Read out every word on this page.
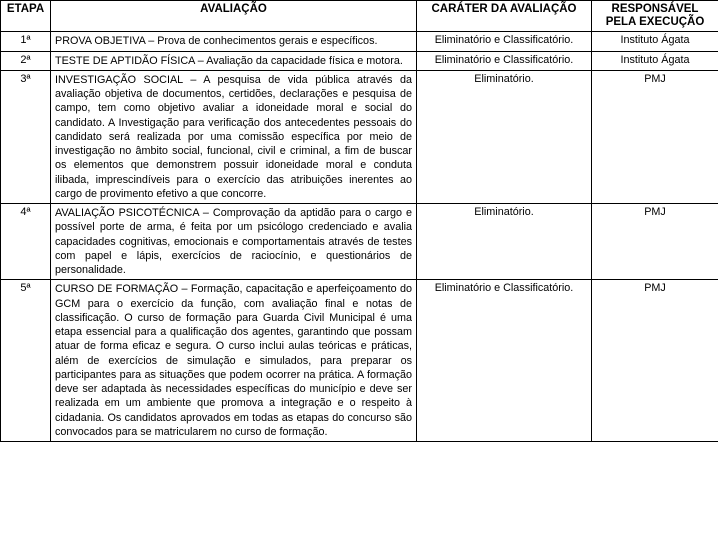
ETAPA	AVALIAÇÃO	CARÁTER DA AVALIAÇÃO	RESPONSÁVEL PELA EXECUÇÃO
1ª	PROVA OBJETIVA – Prova de conhecimentos gerais e específicos.	Eliminatório e Classificatório.	Instituto Ágata
2ª	TESTE DE APTIDÃO FÍSICA – Avaliação da capacidade física e motora.	Eliminatório e Classificatório.	Instituto Ágata
3ª	INVESTIGAÇÃO SOCIAL – A pesquisa de vida pública através da avaliação objetiva de documentos, certidões, declarações e pesquisa de campo, tem como objetivo avaliar a idoneidade moral e social do candidato. A Investigação para verificação dos antecedentes pessoais do candidato será realizada por uma comissão específica por meio de investigação no âmbito social, funcional, civil e criminal, a fim de buscar os elementos que demonstrem possuir idoneidade moral e conduta ilibada, imprescindíveis para o exercício das atribuições inerentes ao cargo de provimento efetivo a que concorre.	Eliminatório.	PMJ
4ª	AVALIAÇÃO PSICOTÉCNICA – Comprovação da aptidão para o cargo e possível porte de arma, é feita por um psicólogo credenciado e avalia capacidades cognitivas, emocionais e comportamentais através de testes com papel e lápis, exercícios de raciocínio, e questionários de personalidade.	Eliminatório.	PMJ
5ª	CURSO DE FORMAÇÃO – Formação, capacitação e aperfeiçoamento do GCM para o exercício da função, com avaliação final e notas de classificação. O curso de formação para Guarda Civil Municipal é uma etapa essencial para a qualificação dos agentes, garantindo que possam atuar de forma eficaz e segura. O curso inclui aulas teóricas e práticas, além de exercícios de simulação e simulados, para preparar os participantes para as situações que podem ocorrer na prática. A formação deve ser adaptada às necessidades específicas do município e deve ser realizada em um ambiente que promova a integração e o respeito à cidadania. Os candidatos aprovados em todas as etapas do concurso são convocados para se matricularem no curso de formação.	Eliminatório e Classificatório.	PMJ
